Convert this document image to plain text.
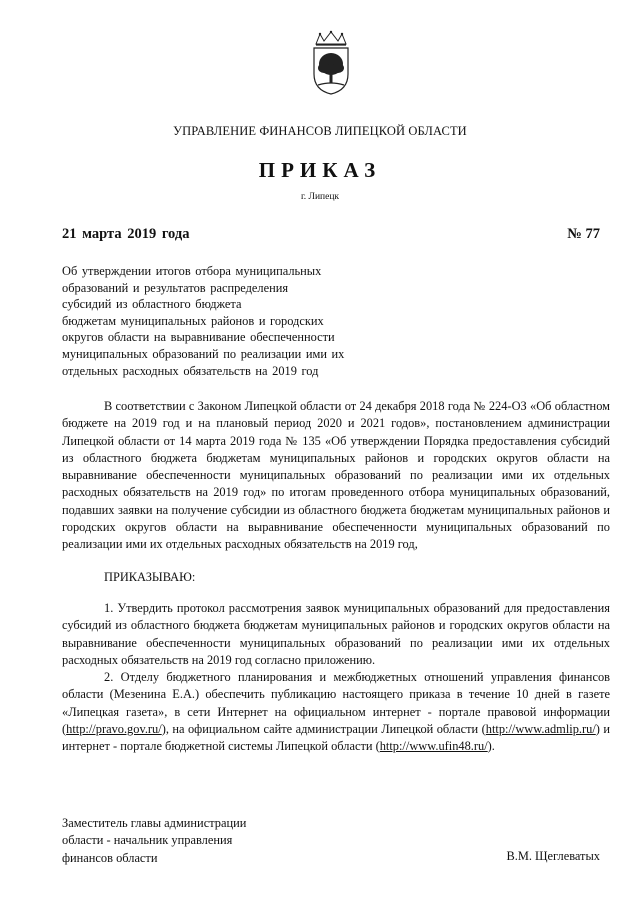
УПРАВЛЕНИЕ ФИНАНСОВ ЛИПЕЦКОЙ ОБЛАСТИ
ПРИКАЗ
г. Липецк
21 марта 2019 года	№ 77
Об утверждении итогов отбора муниципальных
образований и результатов распределения
субсидий из областного бюджета
бюджетам муниципальных районов и городских
округов области на выравнивание обеспеченности
муниципальных образований по реализации ими их
отдельных расходных обязательств на 2019 год

В соответствии с Законом Липецкой области от 24 декабря 2018 года № 224-ОЗ «Об областном бюджете на 2019 год и на плановый период 2020 и 2021 годов», постановлением администрации Липецкой области от 14 марта 2019 года № 135 «Об утверждении Порядка предоставления субсидий из областного бюджета бюджетам муниципальных районов и городских округов области на выравнивание обеспеченности муниципальных образований по реализации ими их отдельных расходных обязательств на 2019 год» по итогам проведенного отбора муниципальных образований, подавших заявки на получение субсидии из областного бюджета бюджетам муниципальных районов и городских округов области на выравнивание обеспеченности муниципальных образований по реализации ими их отдельных расходных обязательств на 2019 год,

ПРИКАЗЫВАЮ:

1. Утвердить протокол рассмотрения заявок муниципальных образований для предоставления субсидий из областного бюджета бюджетам муниципальных районов и городских округов области на выравнивание обеспеченности муниципальных образований по реализации ими их отдельных расходных обязательств на 2019 год согласно приложению.

2. Отделу бюджетного планирования и межбюджетных отношений управления финансов области (Мезенина Е.А.) обеспечить публикацию настоящего приказа в течение 10 дней в газете «Липецкая газета», в сети Интернет на официальном интернет - портале правовой информации (http://pravo.gov.ru/), на официальном сайте администрации Липецкой области (http://www.admlip.ru/) и интернет - портале бюджетной системы Липецкой области (http://www.ufin48.ru/).

Заместитель главы администрации
области - начальник управления
финансов области	В.М. Щеглеватых
